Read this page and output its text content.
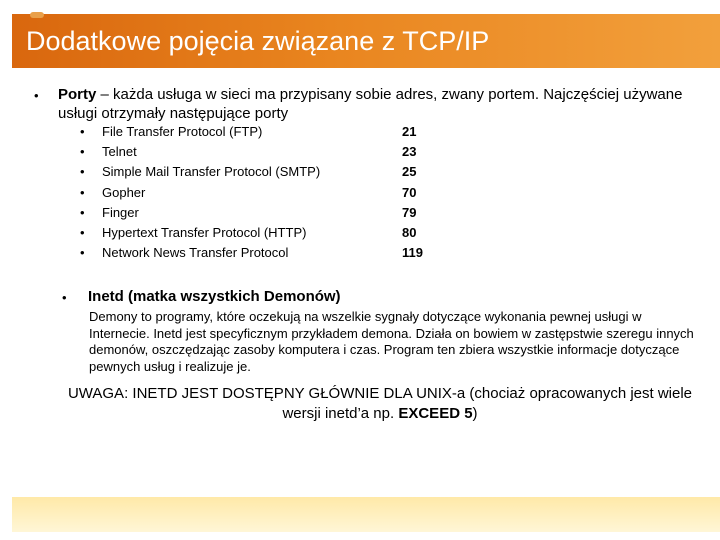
Dodatkowe pojęcia związane z TCP/IP
• Porty – każda usługa w sieci ma przypisany sobie adres, zwany portem. Najczęściej używane usługi otrzymały następujące porty
• File Transfer Protocol (FTP)	21
• Telnet	23
• Simple Mail Transfer Protocol (SMTP)	25
• Gopher	70
• Finger	79
• Hypertext Transfer Protocol (HTTP)	80
• Network News Transfer Protocol	119
• Inetd (matka wszystkich Demonów)
Demony to programy, które oczekują na wszelkie sygnały dotyczące wykonania pewnej usługi w Internecie. Inetd jest specyficznym przykładem demona. Działa on bowiem w zastępstwie szeregu innych demonów, oszczędzając zasoby komputera i czas. Program ten zbiera wszystkie informacje dotyczące pewnych usług i realizuje je.
UWAGA: INETD JEST DOSTĘPNY GŁÓWNIE DLA UNIX-a (chociaż opracowanych jest wiele wersji inetd’a np. EXCEED 5)
